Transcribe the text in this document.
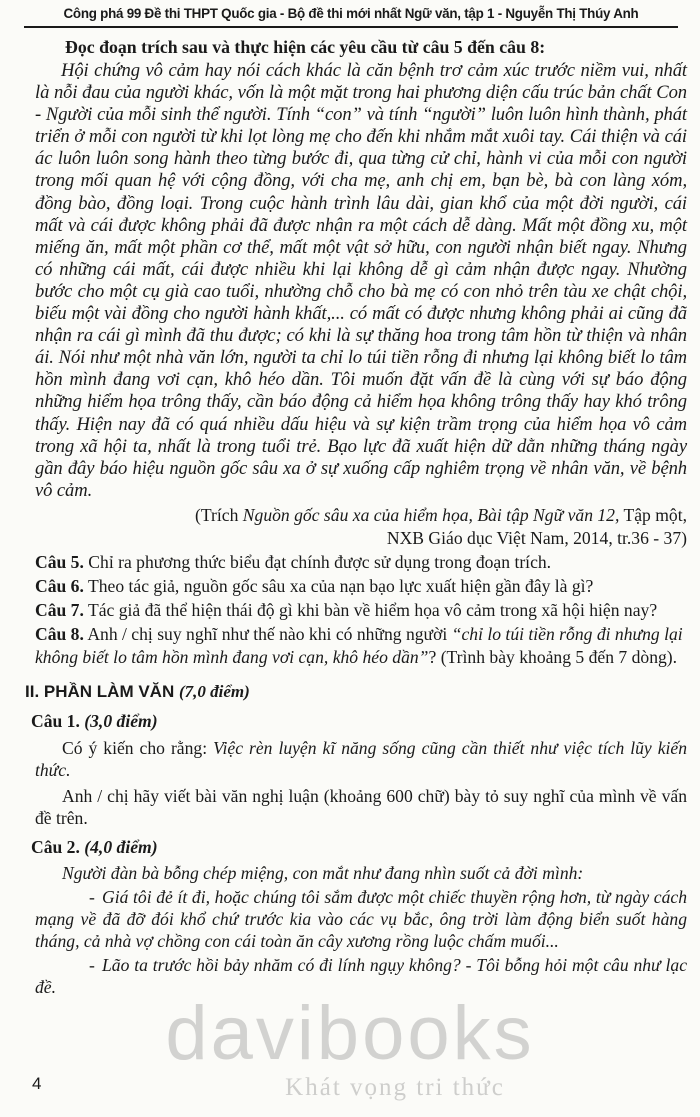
Công phá 99 Đề thi THPT Quốc gia - Bộ đề thi mới nhất Ngữ văn, tập 1 - Nguyễn Thị Thúy Anh

Đọc đoạn trích sau và thực hiện các yêu cầu từ câu 5 đến câu 8:

Hội chứng vô cảm hay nói cách khác là căn bệnh trơ cảm xúc trước niềm vui, nhất là nỗi đau của người khác, vốn là một mặt trong hai phương diện cấu trúc bản chất Con - Người của mỗi sinh thể người. Tính “con” và tính “người” luôn luôn hình thành, phát triển ở mỗi con người từ khi lọt lòng mẹ cho đến khi nhắm mắt xuôi tay. Cái thiện và cái ác luôn luôn song hành theo từng bước đi, qua từng cử chỉ, hành vi của mỗi con người trong mối quan hệ với cộng đồng, với cha mẹ, anh chị em, bạn bè, bà con làng xóm, đồng bào, đồng loại. Trong cuộc hành trình lâu dài, gian khổ của một đời người, cái mất và cái được không phải đã được nhận ra một cách dễ dàng. Mất một đồng xu, một miếng ăn, mất một phần cơ thể, mất một vật sở hữu, con người nhận biết ngay. Nhưng có những cái mất, cái được nhiều khi lại không dễ gì cảm nhận được ngay. Nhường bước cho một cụ già cao tuổi, nhường chỗ cho bà mẹ có con nhỏ trên tàu xe chật chội, biếu một vài đồng cho người hành khất,... có mất có được nhưng không phải ai cũng đã nhận ra cái gì mình đã thu được; có khi là sự thăng hoa trong tâm hồn từ thiện và nhân ái. Nói như một nhà văn lớn, người ta chỉ lo túi tiền rỗng đi nhưng lại không biết lo tâm hồn mình đang vơi cạn, khô héo dần. Tôi muốn đặt vấn đề là cùng với sự báo động những hiểm họa trông thấy, cần báo động cả hiểm họa không trông thấy hay khó trông thấy. Hiện nay đã có quá nhiều dấu hiệu và sự kiện trầm trọng của hiểm họa vô cảm trong xã hội ta, nhất là trong tuổi trẻ. Bạo lực đã xuất hiện dữ dằn những tháng ngày gần đây báo hiệu nguồn gốc sâu xa ở sự xuống cấp nghiêm trọng về nhân văn, về bệnh vô cảm.

(Trích Nguồn gốc sâu xa của hiểm họa, Bài tập Ngữ văn 12, Tập một,
NXB Giáo dục Việt Nam, 2014, tr.36 - 37)

Câu 5. Chỉ ra phương thức biểu đạt chính được sử dụng trong đoạn trích.

Câu 6. Theo tác giả, nguồn gốc sâu xa của nạn bạo lực xuất hiện gần đây là gì?

Câu 7. Tác giả đã thể hiện thái độ gì khi bàn về hiểm họa vô cảm trong xã hội hiện nay?

Câu 8. Anh / chị suy nghĩ như thế nào khi có những người “chỉ lo túi tiền rỗng đi nhưng lại không biết lo tâm hồn mình đang vơi cạn, khô héo dần”? (Trình bày khoảng 5 đến 7 dòng).

II. PHẦN LÀM VĂN (7,0 điểm)

Câu 1. (3,0 điểm)

Có ý kiến cho rằng: Việc rèn luyện kĩ năng sống cũng cần thiết như việc tích lũy kiến thức.

Anh / chị hãy viết bài văn nghị luận (khoảng 600 chữ) bày tỏ suy nghĩ của mình về vấn đề trên.

Câu 2. (4,0 điểm)

Người đàn bà bỗng chép miệng, con mắt như đang nhìn suốt cả đời mình:

- Giá tôi đẻ ít đi, hoặc chúng tôi sắm được một chiếc thuyền rộng hơn, từ ngày cách mạng về đã đỡ đói khổ chứ trước kia vào các vụ bắc, ông trời làm động biển suốt hàng tháng, cả nhà vợ chồng con cái toàn ăn cây xương rồng luộc chấm muối...

- Lão ta trước hồi bảy nhăm có đi lính ngụy không? - Tôi bỗng hỏi một câu như lạc đề.

davibooks
Khát vọng tri thức
4
